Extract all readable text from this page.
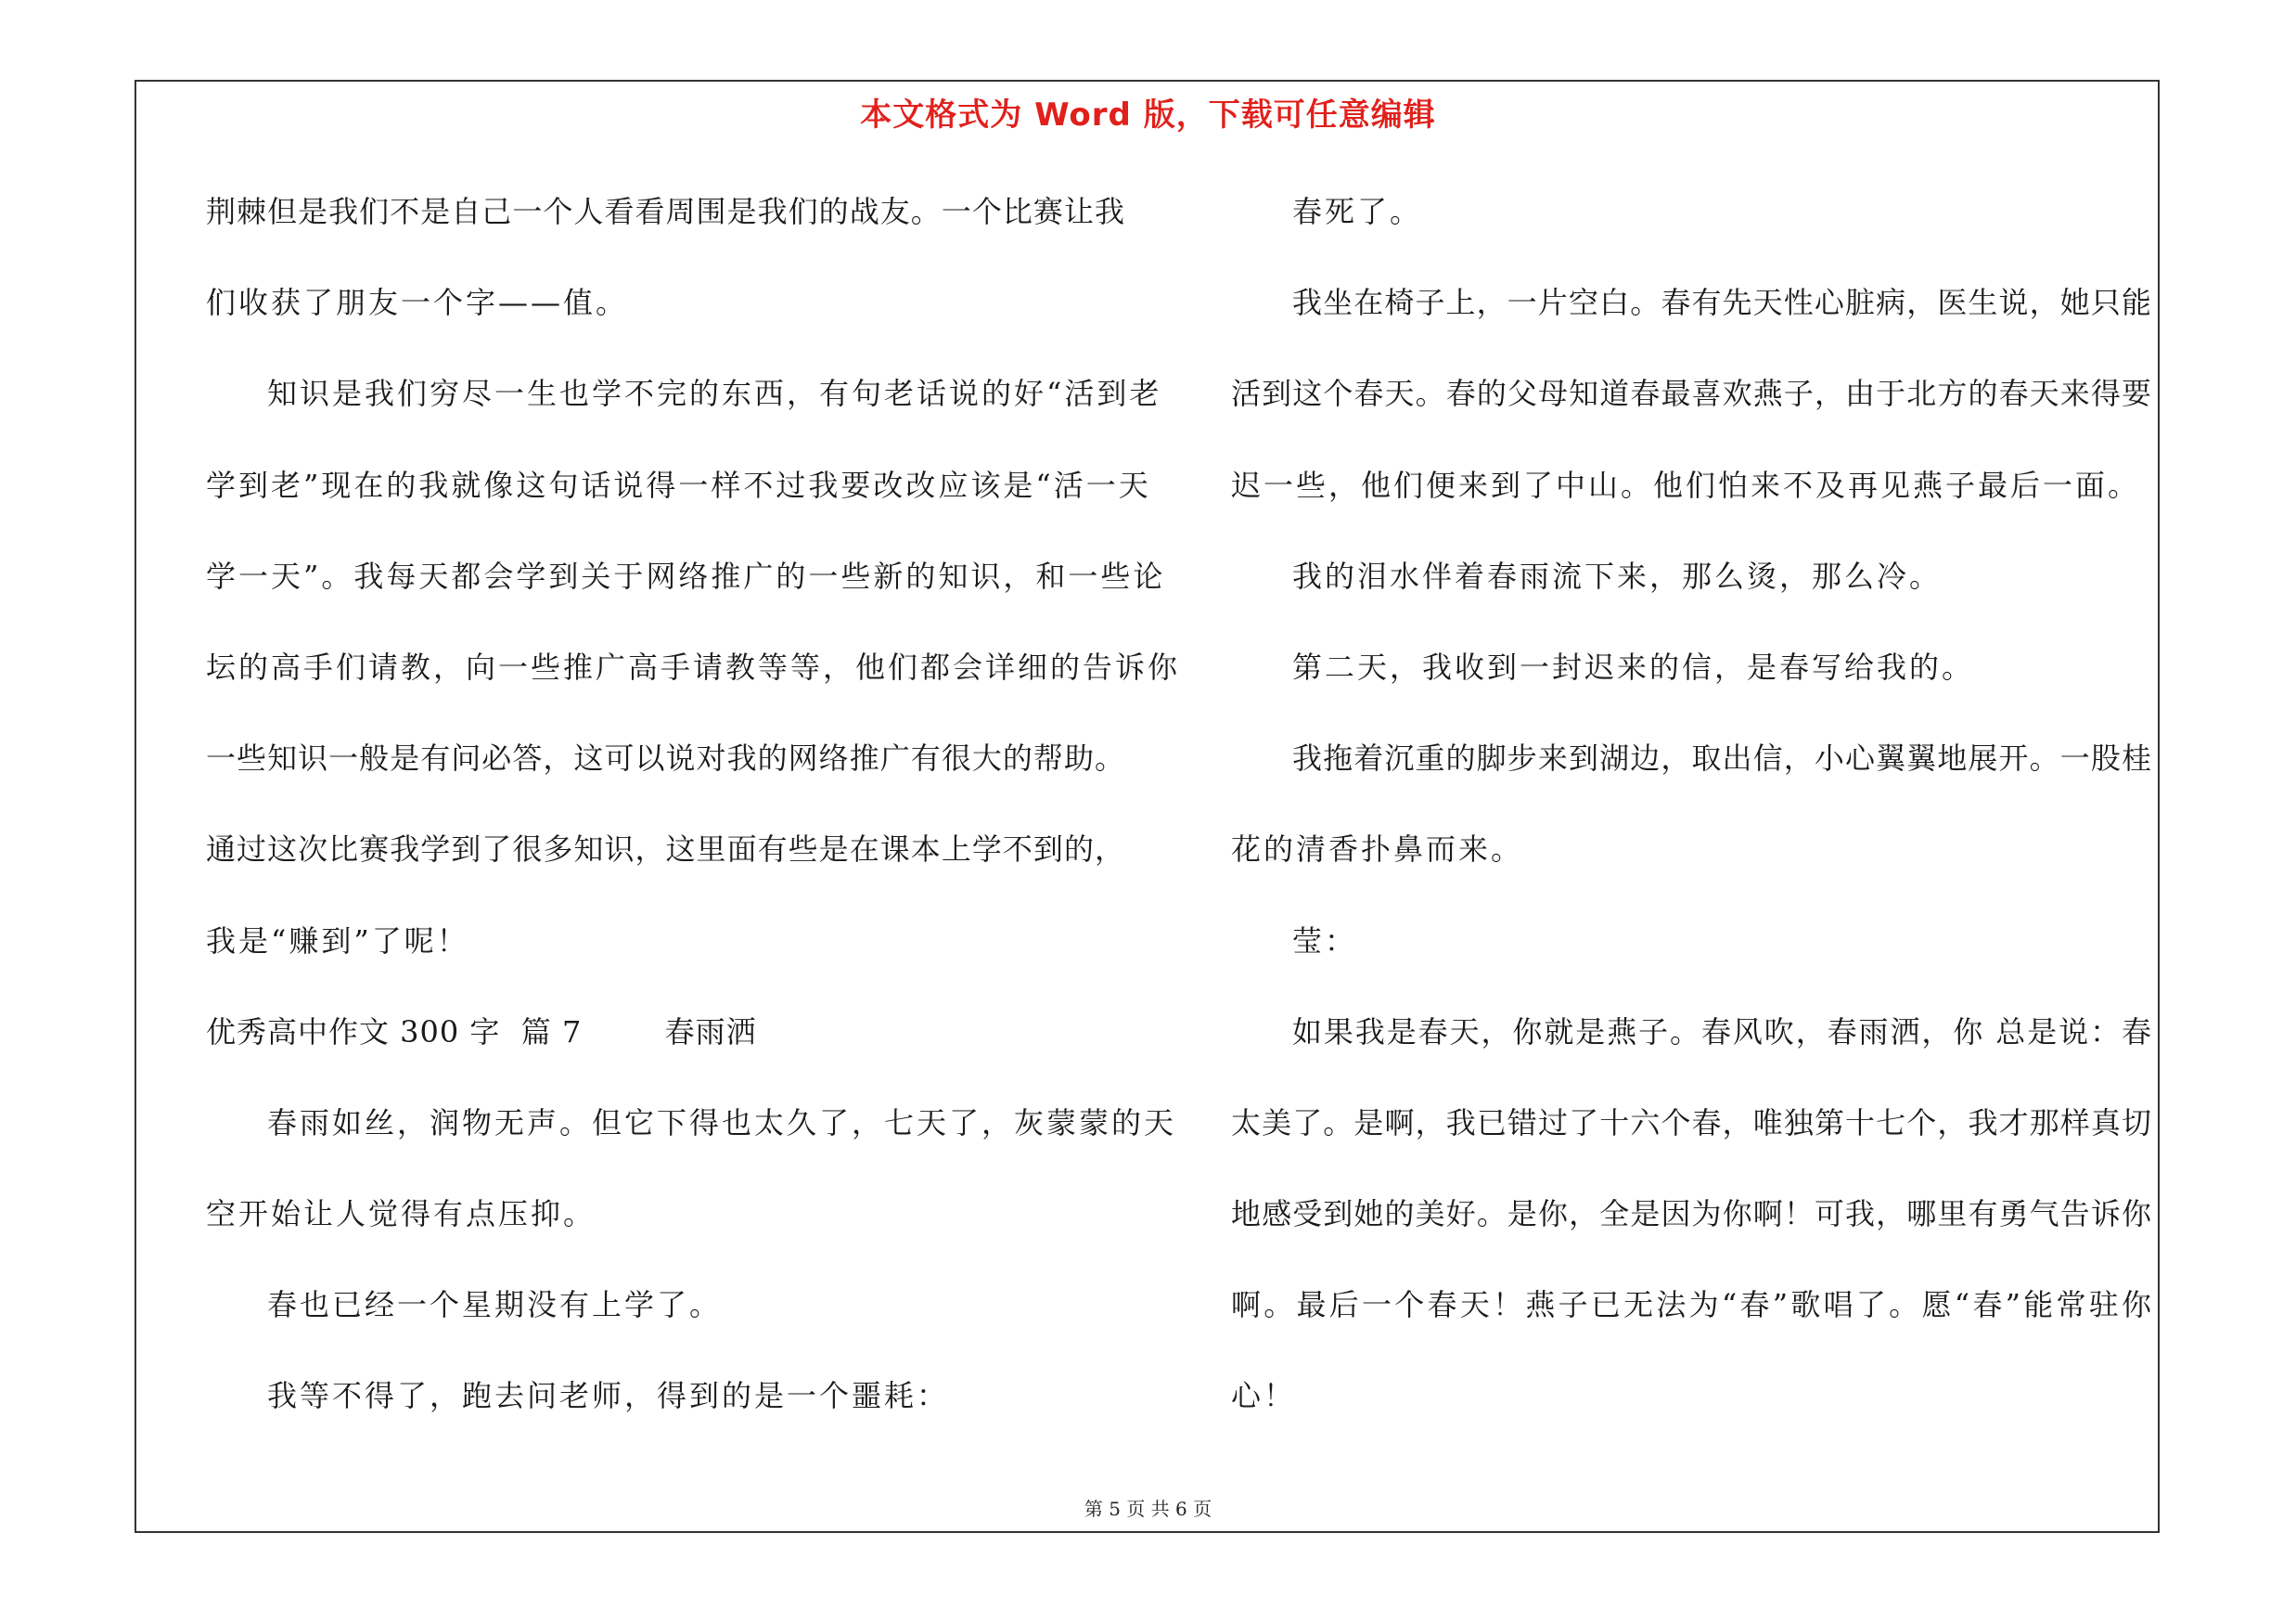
本文格式为 Word 版，下载可任意编辑
荆棘但是我们不是自己一个人看看周围是我们的战友。一个比赛让我
们收获了朋友一个字——值。
知识是我们穷尽一生也学不完的东西，有句老话说的好“活到老
学到老”现在的我就像这句话说得一样不过我要改改应该是“活一天
学一天”。我每天都会学到关于网络推广的一些新的知识，和一些论
坛的高手们请教，向一些推广高手请教等等，他们都会详细的告诉你
一些知识一般是有问必答，这可以说对我的网络推广有很大的帮助。
通过这次比赛我学到了很多知识，这里面有些是在课本上学不到的，
我是“赚到”了呢！
优秀高中作文 300 字  篇 7        春雨洒
春雨如丝，润物无声。但它下得也太久了，七天了，灰蒙蒙的天
空开始让人觉得有点压抑。
春也已经一个星期没有上学了。
我等不得了，跑去问老师，得到的是一个噩耗：
春死了。
我坐在椅子上，一片空白。春有先天性心脏病，医生说，她只能
活到这个春天。春的父母知道春最喜欢燕子，由于北方的春天来得要
迟一些，他们便来到了中山。他们怕来不及再见燕子最后一面。
我的泪水伴着春雨流下来，那么烫，那么冷。
第二天，我收到一封迟来的信，是春写给我的。
我拖着沉重的脚步来到湖边，取出信，小心翼翼地展开。一股桂
花的清香扑鼻而来。
莹：
如果我是春天，你就是燕子。春风吹，春雨洒，你 总是说：春
太美了。是啊，我已错过了十六个春，唯独第十七个，我才那样真切
地感受到她的美好。是你，全是因为你啊！可我，哪里有勇气告诉你
啊。最后一个春天！燕子已无法为“春”歌唱了。愿“春”能常驻你
心！
第 5 页 共 6 页
